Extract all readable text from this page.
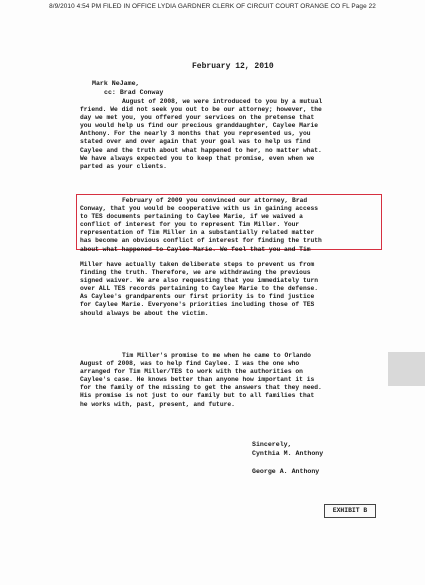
8/9/2010 4:54 PM FILED IN OFFICE LYDIA GARDNER CLERK OF CIRCUIT COURT ORANGE CO FL Page 22
February 12, 2010
Mark NeJame,
cc: Brad Conway
August of 2008, we were introduced to you by a mutual
friend. We did not seek you out to be our attorney; however, the
day we met you, you offered your services on the pretense that
you would help us find our precious granddaughter, Caylee Marie
Anthony. For the nearly 3 months that you represented us, you
stated over and over again that your goal was to help us find
Caylee and the truth about what happened to her, no matter what.
We have always expected you to keep that promise, even when we
parted as your clients.
February of 2009 you convinced our attorney, Brad
Conway, that you would be cooperative with us in gaining access
to TES documents pertaining to Caylee Marie, if we waived a
conflict of interest for you to represent Tim Miller. Your
representation of Tim Miller in a substantially related matter
has become an obvious conflict of interest for finding the truth
about what happened to Caylee Marie. We feel that you and Tim
Miller have actually taken deliberate steps to prevent us from
finding the truth. Therefore, we are withdrawing the previous
signed waiver. We are also requesting that you immediately turn
over ALL TES records pertaining to Caylee Marie to the defense.
As Caylee's grandparents our first priority is to find justice
for Caylee Marie. Everyone's priorities including those of TES
should always be about the victim.
Tim Miller's promise to me when he came to Orlando
August of 2008, was to help find Caylee. I was the one who
arranged for Tim Miller/TES to work with the authorities on
Caylee's case. He knows better than anyone how important it is
for the family of the missing to get the answers that they need.
His promise is not just to our family but to all families that
he works with, past, present, and future.
Sincerely,
Cynthia M. Anthony
George A. Anthony
EXHIBIT B
